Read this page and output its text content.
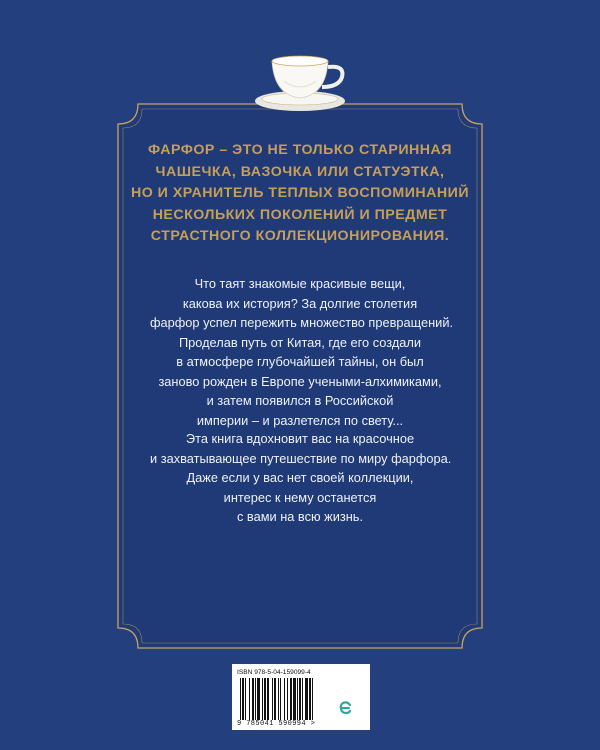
ФАРФОР – ЭТО НЕ ТОЛЬКО СТАРИННАЯ
ЧАШЕЧКА, ВАЗОЧКА ИЛИ СТАТУЭТКА,
НО И ХРАНИТЕЛЬ ТЕПЛЫХ ВОСПОМИНАНИЙ
НЕСКОЛЬКИХ ПОКОЛЕНИЙ И ПРЕДМЕТ
СТРАСТНОГО КОЛЛЕКЦИОНИРОВАНИЯ.
Что таят знакомые красивые вещи,
какова их история? За долгие столетия
фарфор успел пережить множество превращений.
Проделав путь от Китая, где его создали
в атмосфере глубочайшей тайны, он был
заново рожден в Европе учеными-алхимиками,
и затем появился в Российской
империи – и разлетелся по свету...
Эта книга вдохновит вас на красочное
и захватывающее путешествие по миру фарфора.
Даже если у вас нет своей коллекции,
интерес к нему останется
с вами на всю жизнь.
ISBN 978-5-04-159099-4
9 785041 590994 >
